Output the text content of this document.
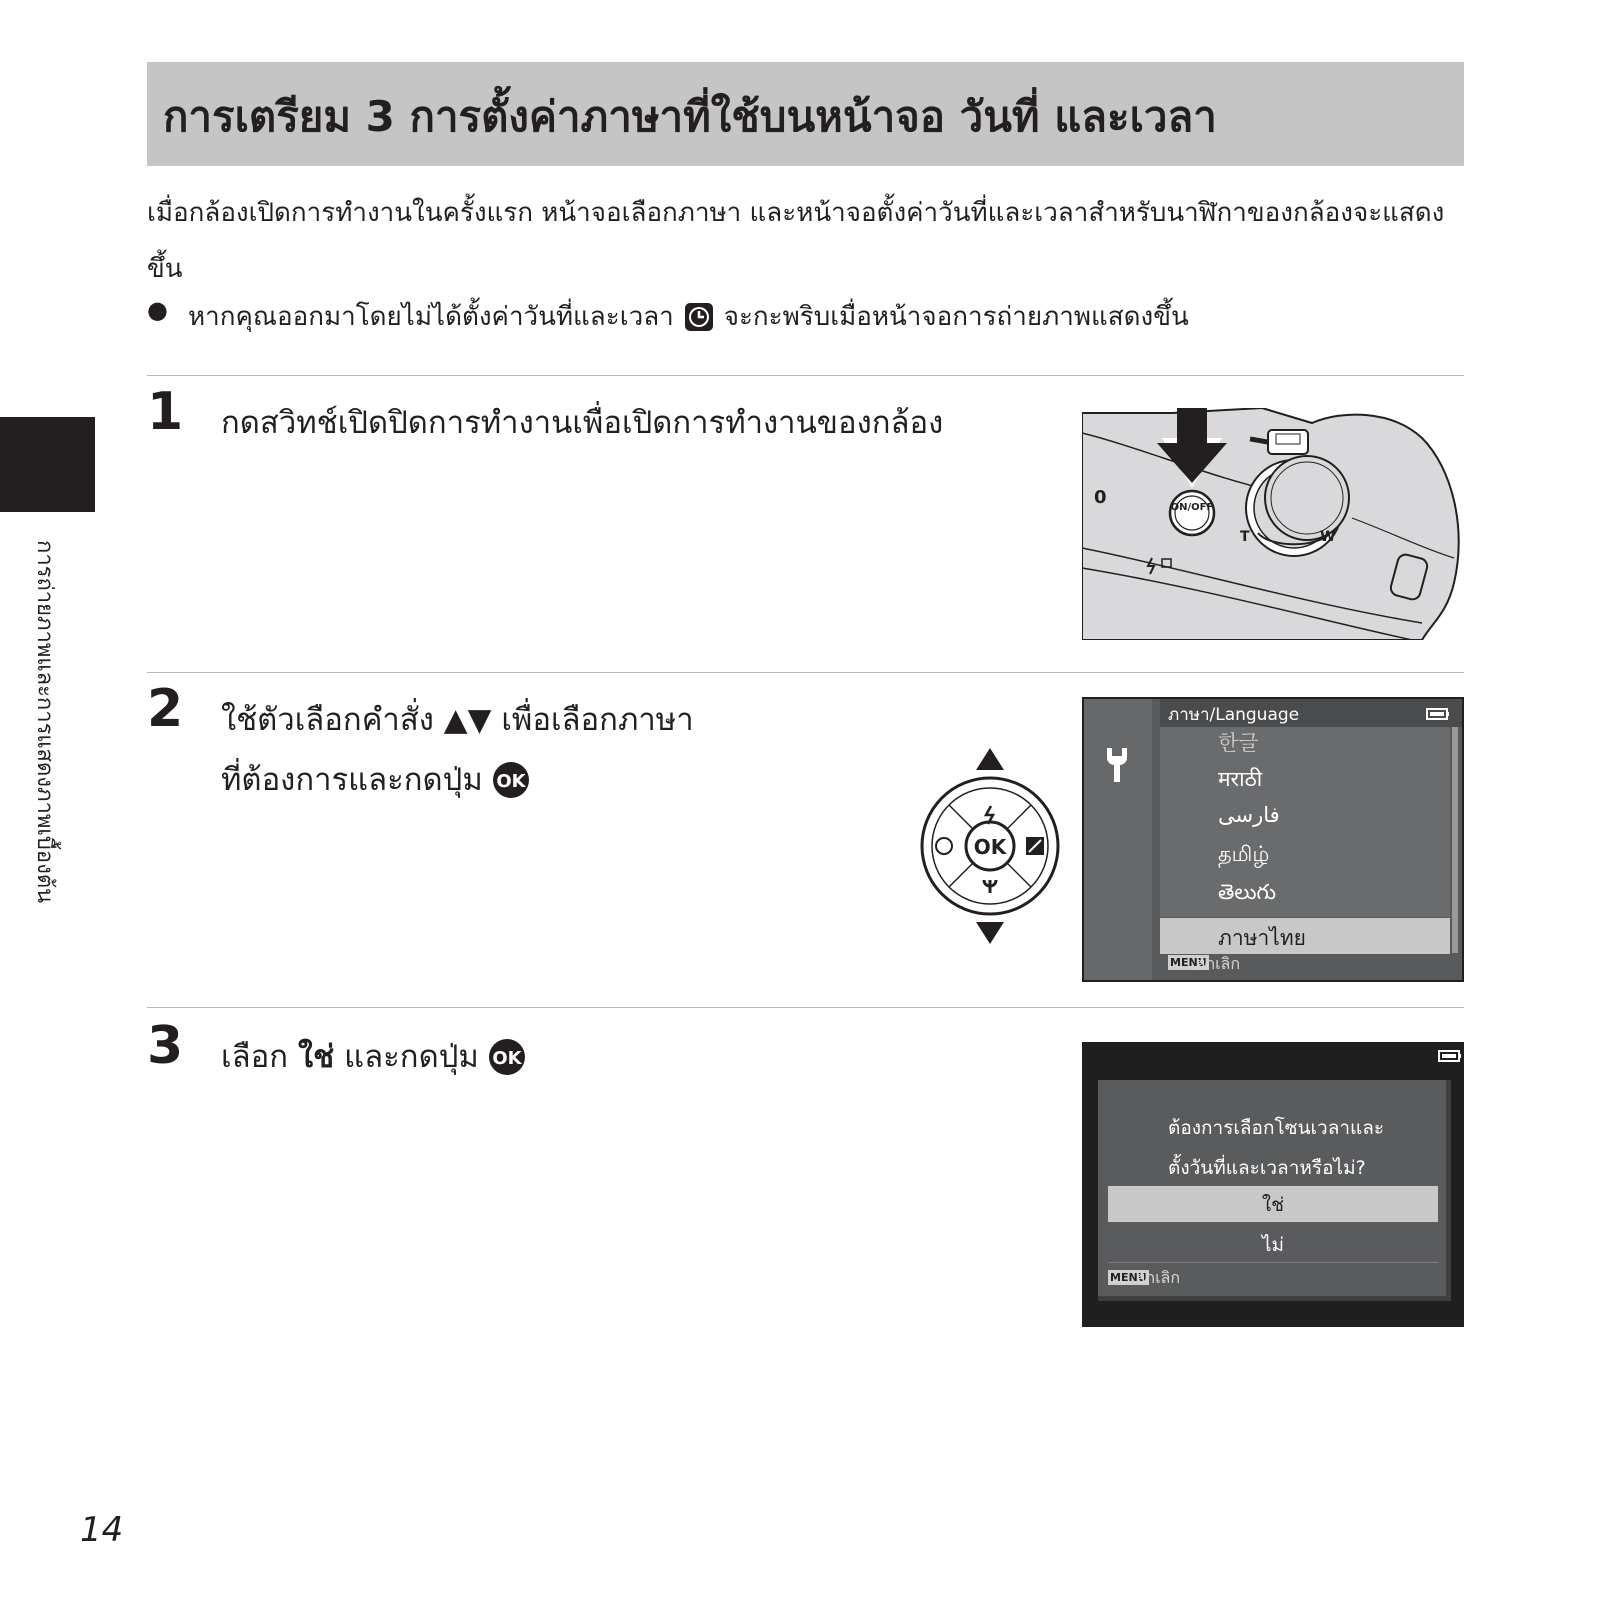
การเตรียม 3 การตั้งค่าภาษาที่ใช้บนหน้าจอ วันที่ และเวลา
เมื่อกล้องเปิดการทำงานในครั้งแรก หน้าจอเลือกภาษา และหน้าจอตั้งค่าวันที่และเวลาสำหรับนาฬิกาของกล้องจะแสดงขึ้น
● หากคุณออกมาโดยไม่ได้ตั้งค่าวันที่และเวลา จะกะพริบเมื่อหน้าจอการถ่ายภาพแสดงขึ้น
1 กดสวิทช์เปิดปิดการทำงานเพื่อเปิดการทำงานของกล้อง
ON/OFF
0
T	W
2 ใช้ตัวเลือกคำสั่ง ▲▼ เพื่อเลือกภาษา
ที่ต้องการและกดปุ่ม OK
OK
ภาษา/Language
한글
मराठी
فارسی
தமிழ்
తెలుగు
ภาษาไทย
MENU
ยกเลิก
3 เลือก ใช่ และกดปุ่ม OK
ต้องการเลือกโซนเวลาและ
ตั้งวันที่และเวลาหรือไม่?
ใช่
ไม่
MENU
ยกเลิก
การถ่ายภาพและการแสดงภาพเบื้องต้น
14
